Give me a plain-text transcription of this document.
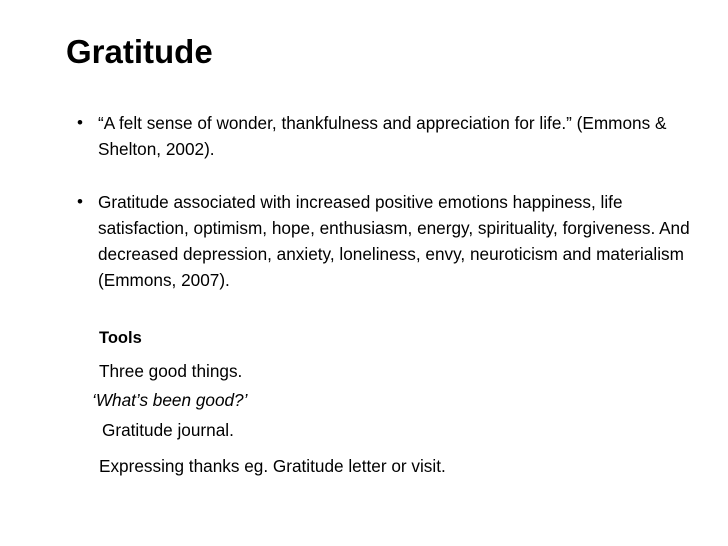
Gratitude
• “A felt sense of wonder, thankfulness and appreciation for life.” (Emmons & Shelton, 2002).
• Gratitude associated with increased positive emotions happiness, life satisfaction, optimism, hope, enthusiasm, energy, spirituality, forgiveness. And decreased depression, anxiety, loneliness, envy, neuroticism and materialism (Emmons, 2007).

Tools

Three good things.

‘What’s been good?’

Gratitude journal.

Expressing thanks eg. Gratitude letter or visit.
